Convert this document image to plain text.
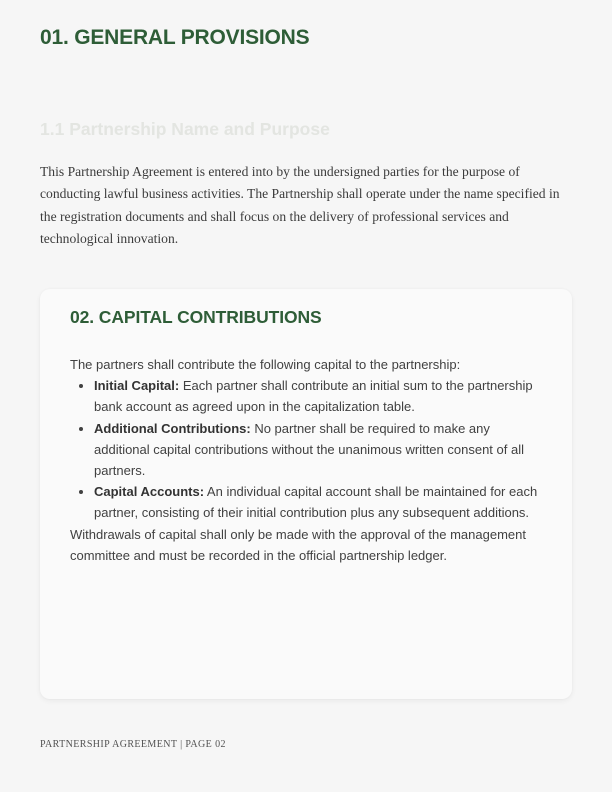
01. GENERAL PROVISIONS
1.1 Partnership Name and Purpose
This Partnership Agreement is entered into by the undersigned parties for the purpose of conducting lawful business activities. The Partnership shall operate under the name specified in the registration documents and shall focus on the delivery of professional services and technological innovation.
02. CAPITAL CONTRIBUTIONS

The partners shall contribute the following capital to the partnership:

• Initial Capital: Each partner shall contribute an initial sum to the partnership bank account as agreed upon in the capitalization table.
• Additional Contributions: No partner shall be required to make any additional capital contributions without the unanimous written consent of all partners.
• Capital Accounts: An individual capital account shall be maintained for each partner, consisting of their initial contribution plus any subsequent additions.

Withdrawals of capital shall only be made with the approval of the management committee and must be recorded in the official partnership ledger.

PARTNERSHIP AGREEMENT | PAGE 02
